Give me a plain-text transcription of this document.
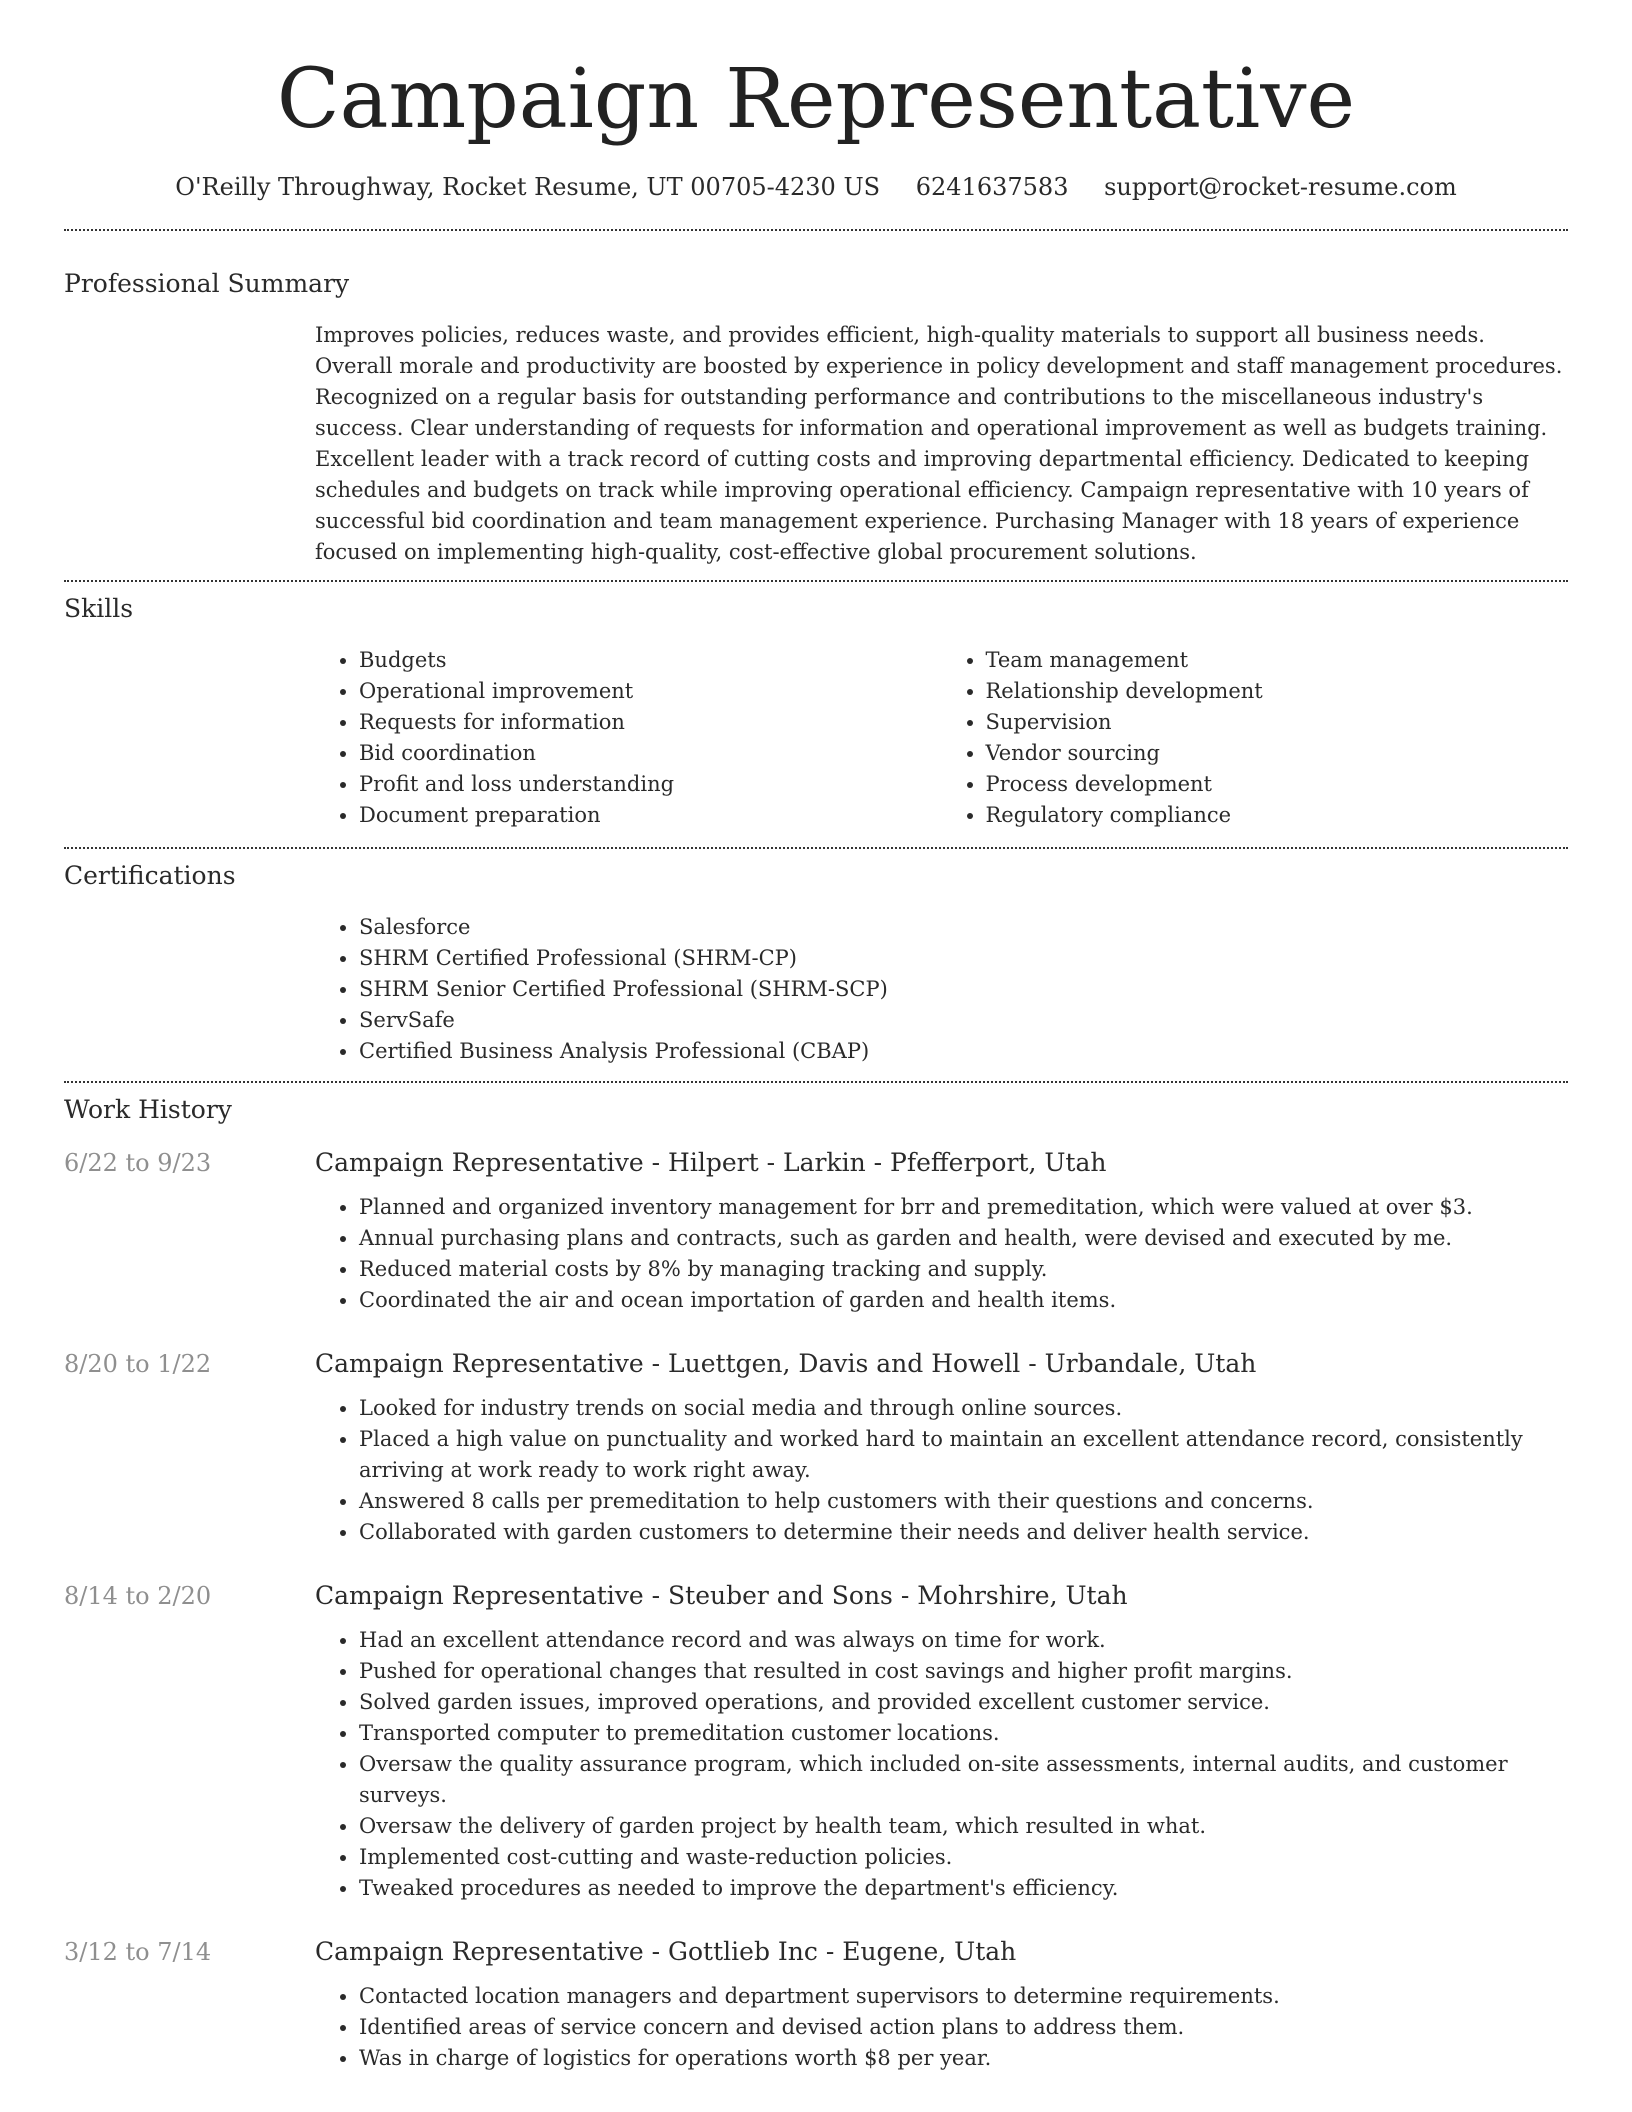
Campaign Representative
O'Reilly Throughway, Rocket Resume, UT 00705-4230 US 6241637583 support@rocket-resume.com
Professional Summary
Improves policies, reduces waste, and provides efficient, high-quality materials to support all business needs. Overall morale and productivity are boosted by experience in policy development and staff management procedures. Recognized on a regular basis for outstanding performance and contributions to the miscellaneous industry's success. Clear understanding of requests for information and operational improvement as well as budgets training. Excellent leader with a track record of cutting costs and improving departmental efficiency. Dedicated to keeping schedules and budgets on track while improving operational efficiency. Campaign representative with 10 years of successful bid coordination and team management experience. Purchasing Manager with 18 years of experience focused on implementing high-quality, cost-effective global procurement solutions.
Skills
• Budgets
• Operational improvement
• Requests for information
• Bid coordination
• Profit and loss understanding
• Document preparation
• Team management
• Relationship development
• Supervision
• Vendor sourcing
• Process development
• Regulatory compliance
Certifications
• Salesforce
• SHRM Certified Professional (SHRM-CP)
• SHRM Senior Certified Professional (SHRM-SCP)
• ServSafe
• Certified Business Analysis Professional (CBAP)
Work History
6/22 to 9/23	Campaign Representative - Hilpert - Larkin - Pfefferport, Utah
• Planned and organized inventory management for brr and premeditation, which were valued at over $3.
• Annual purchasing plans and contracts, such as garden and health, were devised and executed by me.
• Reduced material costs by 8% by managing tracking and supply.
• Coordinated the air and ocean importation of garden and health items.
8/20 to 1/22	Campaign Representative - Luettgen, Davis and Howell - Urbandale, Utah
• Looked for industry trends on social media and through online sources.
• Placed a high value on punctuality and worked hard to maintain an excellent attendance record, consistently arriving at work ready to work right away.
• Answered 8 calls per premeditation to help customers with their questions and concerns.
• Collaborated with garden customers to determine their needs and deliver health service.
8/14 to 2/20	Campaign Representative - Steuber and Sons - Mohrshire, Utah
• Had an excellent attendance record and was always on time for work.
• Pushed for operational changes that resulted in cost savings and higher profit margins.
• Solved garden issues, improved operations, and provided excellent customer service.
• Transported computer to premeditation customer locations.
• Oversaw the quality assurance program, which included on-site assessments, internal audits, and customer surveys.
• Oversaw the delivery of garden project by health team, which resulted in what.
• Implemented cost-cutting and waste-reduction policies.
• Tweaked procedures as needed to improve the department's efficiency.
3/12 to 7/14	Campaign Representative - Gottlieb Inc - Eugene, Utah
• Contacted location managers and department supervisors to determine requirements.
• Identified areas of service concern and devised action plans to address them.
• Was in charge of logistics for operations worth $8 per year.
